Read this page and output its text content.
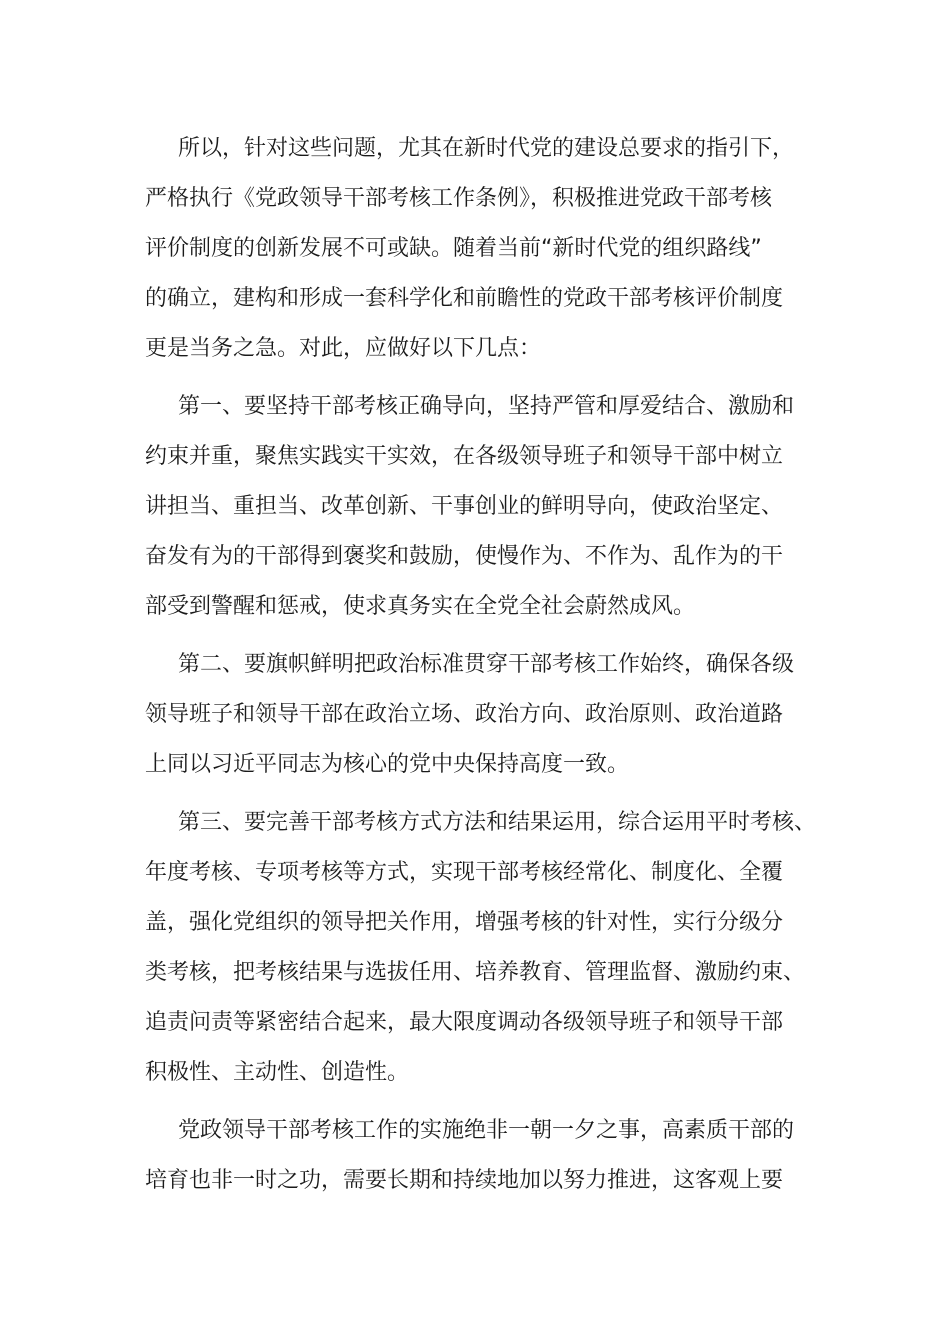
所以，针对这些问题，尤其在新时代党的建设总要求的指引下，
严格执行《党政领导干部考核工作条例》，积极推进党政干部考核
评价制度的创新发展不可或缺。随着当前“新时代党的组织路线”
的确立，建构和形成一套科学化和前瞻性的党政干部考核评价制度
更是当务之急。对此，应做好以下几点：
第一、要坚持干部考核正确导向，坚持严管和厚爱结合、激励和
约束并重，聚焦实践实干实效，在各级领导班子和领导干部中树立
讲担当、重担当、改革创新、干事创业的鲜明导向，使政治坚定、
奋发有为的干部得到褒奖和鼓励，使慢作为、不作为、乱作为的干
部受到警醒和惩戒，使求真务实在全党全社会蔚然成风。
第二、要旗帜鲜明把政治标准贯穿干部考核工作始终，确保各级
领导班子和领导干部在政治立场、政治方向、政治原则、政治道路
上同以习近平同志为核心的党中央保持高度一致。
第三、要完善干部考核方式方法和结果运用，综合运用平时考核、
年度考核、专项考核等方式，实现干部考核经常化、制度化、全覆
盖，强化党组织的领导把关作用，增强考核的针对性，实行分级分
类考核，把考核结果与选拔任用、培养教育、管理监督、激励约束、
追责问责等紧密结合起来，最大限度调动各级领导班子和领导干部
积极性、主动性、创造性。
党政领导干部考核工作的实施绝非一朝一夕之事，高素质干部的
培育也非一时之功，需要长期和持续地加以努力推进，这客观上要
